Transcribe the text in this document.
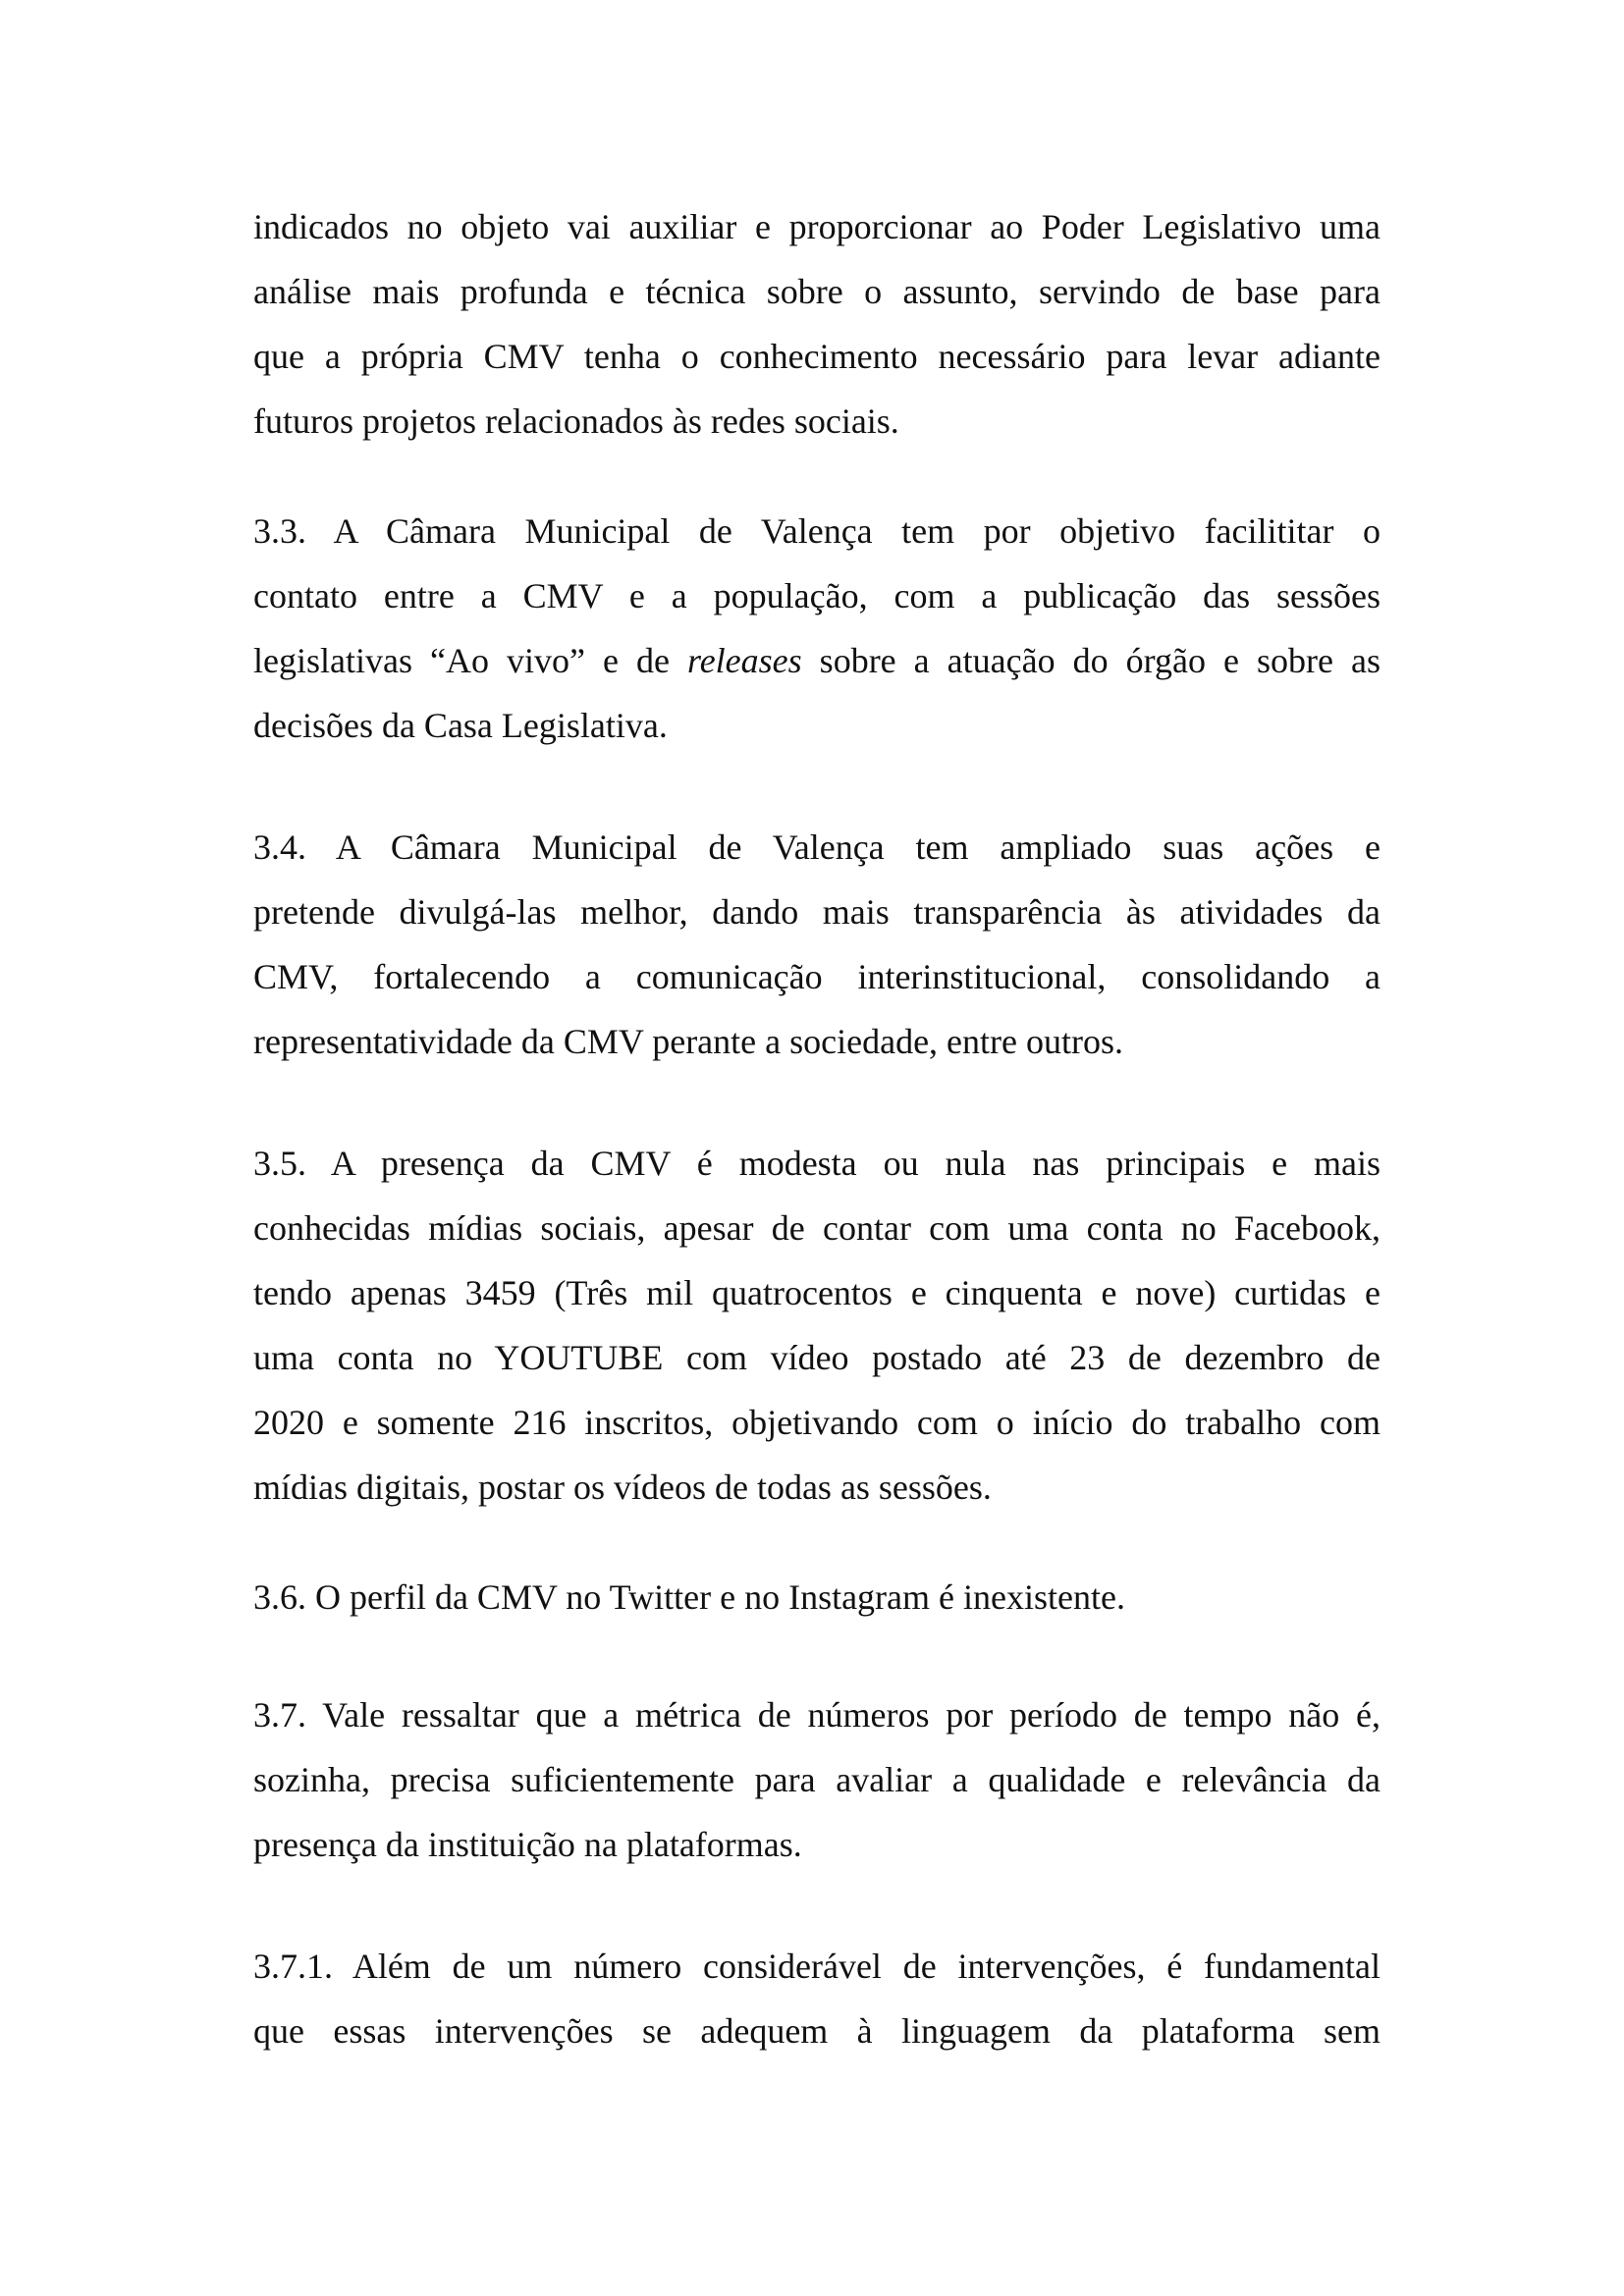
indicados no objeto vai auxiliar e proporcionar ao Poder Legislativo uma
análise mais profunda e técnica sobre o assunto, servindo de base para
que a própria CMV tenha o conhecimento necessário para levar adiante
futuros projetos relacionados às redes sociais.

3.3. A Câmara Municipal de Valença tem por objetivo facilititar o
contato entre a CMV e a população, com a publicação das sessões
legislativas “Ao vivo” e de releases sobre a atuação do órgão e sobre as
decisões da Casa Legislativa.

3.4. A Câmara Municipal de Valença tem ampliado suas ações e
pretende divulgá-las melhor, dando mais transparência às atividades da
CMV, fortalecendo a comunicação interinstitucional, consolidando a
representatividade da CMV perante a sociedade, entre outros.

3.5. A presença da CMV é modesta ou nula nas principais e mais
conhecidas mídias sociais, apesar de contar com uma conta no Facebook,
tendo apenas 3459 (Três mil quatrocentos e cinquenta e nove) curtidas e
uma conta no YOUTUBE com vídeo postado até 23 de dezembro de
2020 e somente 216 inscritos, objetivando com o início do trabalho com
mídias digitais, postar os vídeos de todas as sessões.

3.6. O perfil da CMV no Twitter e no Instagram é inexistente.

3.7. Vale ressaltar que a métrica de números por período de tempo não é,
sozinha, precisa suficientemente para avaliar a qualidade e relevância da
presença da instituição na plataformas.

3.7.1. Além de um número considerável de intervenções, é fundamental
que essas intervenções se adequem à linguagem da plataforma sem
